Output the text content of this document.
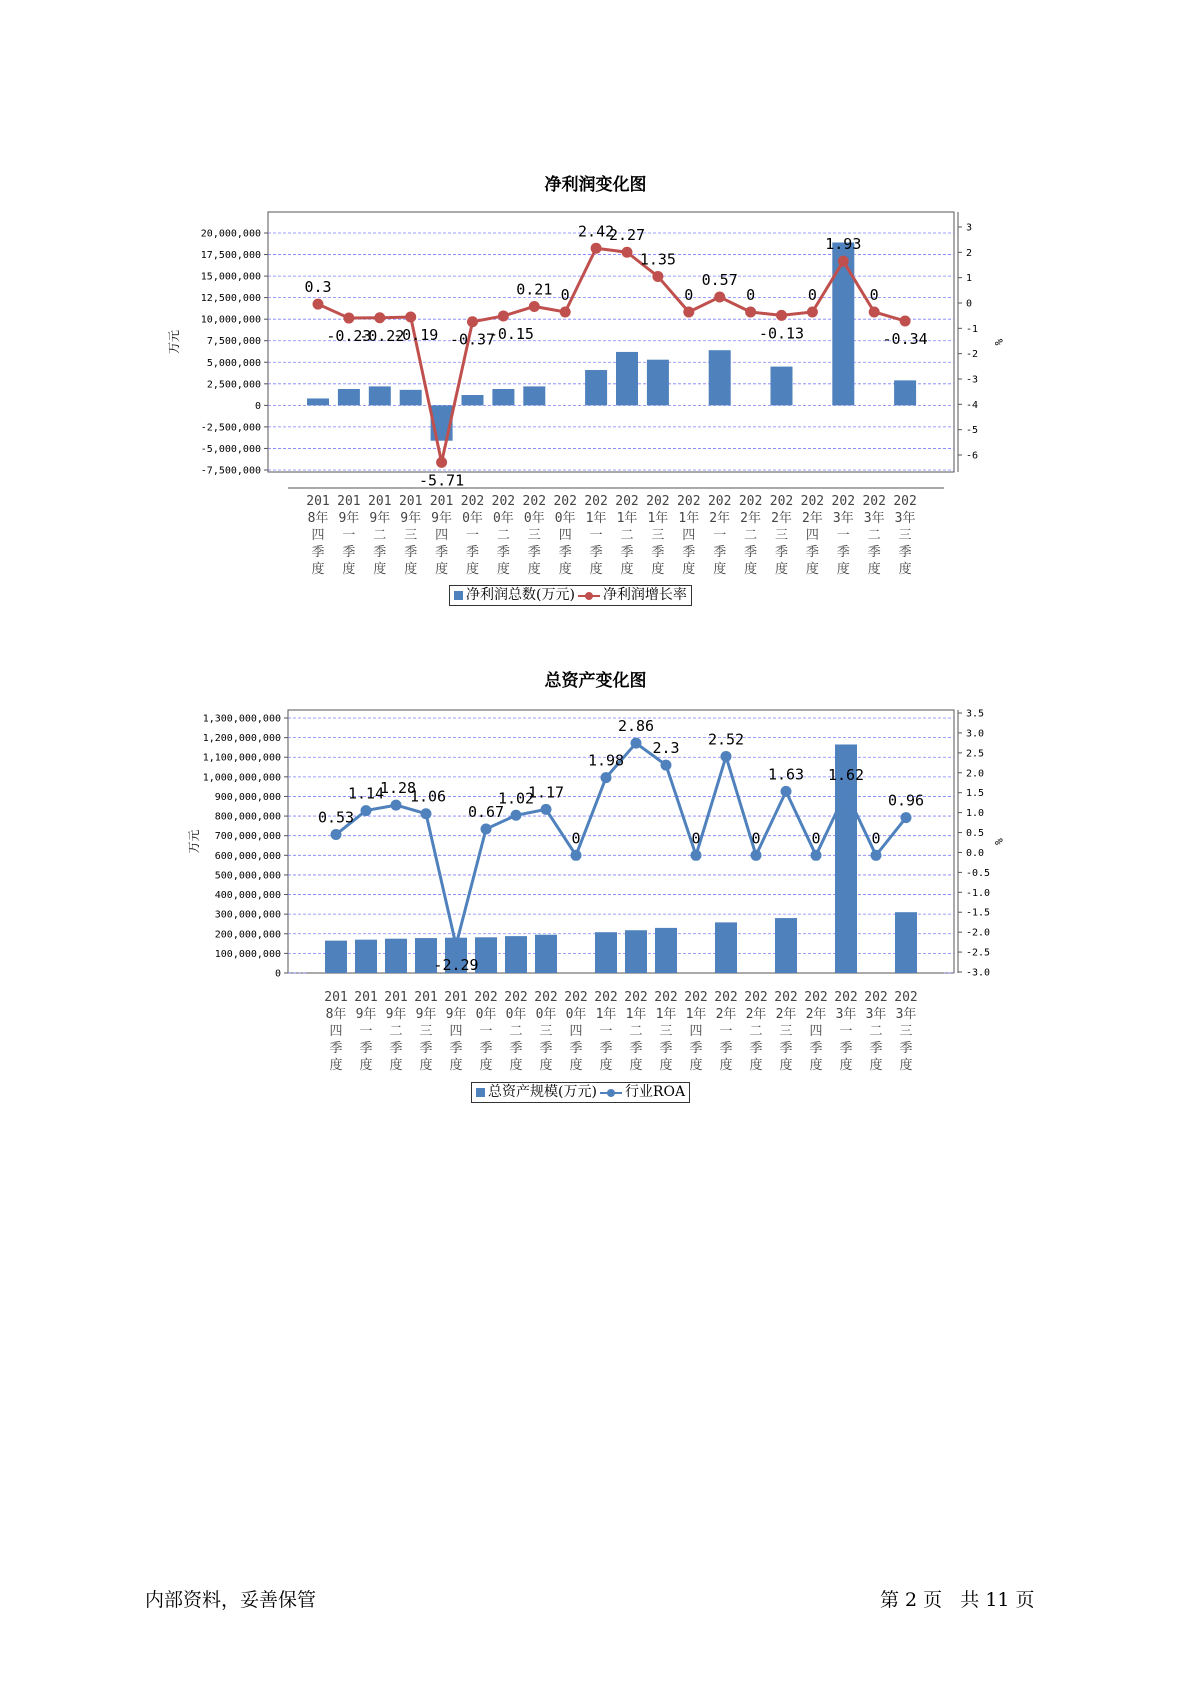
净利润变化图
20,000,000
17,500,000
15,000,000
12,500,000
10,000,000
7,500,000
5,000,000
2,500,000
0
-2,500,000
-5,000,000
-7,500,000
3
2
1
0
-1
-2
-3
-4
-5
-6
万元	%
201
8年
四
季
度
201
9年
一
季
度
201
9年
二
季
度
201
9年
三
季
度
201
9年
四
季
度
202
0年
一
季
度
202
0年
二
季
度
202
0年
三
季
度
202
0年
四
季
度
202
1年
一
季
度
202
1年
二
季
度
202
1年
三
季
度
202
1年
四
季
度
202
2年
一
季
度
202
2年
二
季
度
202
2年
三
季
度
202
2年
四
季
度
202
3年
一
季
度
202
3年
二
季
度
202
3年
三
季
度
0.3
-0.23
-0.22
-0.19
-5.71
-0.37
-0.15
0.21 0
2.42
2.27
1.35
0
0.57
0
-0.13
0
1.93
0
-0.34
净利润总数(万元) 净利润增长率
总资产变化图
1,300,000,000
1,200,000,000
1,100,000,000
1,000,000,000
900,000,000
800,000,000
700,000,000
600,000,000
500,000,000
400,000,000
300,000,000
200,000,000
100,000,000
0
3.5
3.0
2.5
2.0
1.5
1.0
0.5
0.0
-0.5
-1.0
-1.5
-2.0
-2.5
-3.0
万元	%
201
8年
四
季
度
201
9年
一
季
度
201
9年
二
季
度
201
9年
三
季
度
201
9年
四
季
度
202
0年
一
季
度
202
0年
二
季
度
202
0年
三
季
度
202
0年
四
季
度
202
1年
一
季
度
202
1年
二
季
度
202
1年
三
季
度
202
1年
四
季
度
202
2年
一
季
度
202
2年
二
季
度
202
2年
三
季
度
202
2年
四
季
度
202
3年
一
季
度
202
3年
二
季
度
202
3年
三
季
度
0.53
1.14
1.28
1.06
-2.29
0.67
1.02
1.17
0
1.98
2.86
2.3
0
2.52
0
1.63
0
1.62
0
0.96
总资产规模(万元) 行业ROA
内部资料，妥善保管	第 2 页   共 11 页
